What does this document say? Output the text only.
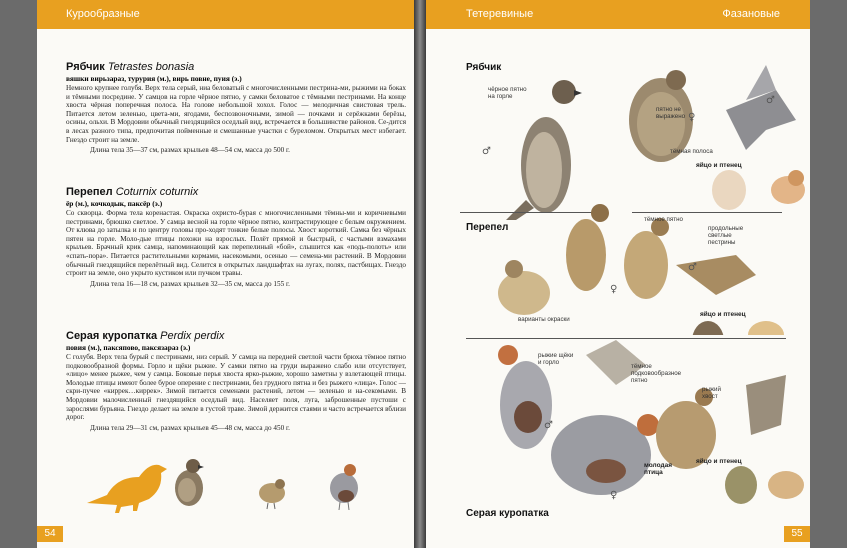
Курообразные
Рябчик Tetrastes bonasia
вяшки вирьзараз, турурия (м.), вирь повне, пуия (э.)

Немного крупнее голубя. Верх тела серый, ниa беловатый с многочисленными пестрина-ми, рыжими на боках и тёмными посредине. У самцов на горле чёрное пятно, у самки беловатое с тёмными пестринами. На конце хвоста чёрная поперечная полоса. На голове небольшой хохол. Голос — мелодичная свистовая трель. Питается летом зеленью, цвета-ми, ягодами, беспозвоночными, зимой — почками и серёжками берёзы, осины, ольхи. В Мордовии обычный гнездящийся оседлый вид, встречается в большинстве районов. Се-дится в лесах разного типа, предпочитая пойменные и смешанные участки с буреломом. Открытых мест избегает. Гнездо строит на земле.

Длина тела 35—37 см, размах крыльев 48—54 см, масса до 500 г.
Перепел Coturnix coturnix
ёр (м.), кочкодык, паксёр (э.)

Со скворца. Форма тела коренастая. Окраска охристо-бурая с многочисленными тёмны-ми и коричневыми пестринами, брюшко светлое. У самца весной на горле чёрное пятно, контрастирующее с белым окружением. От клюва до затылка и по центру головы про-ходят тонкие белые полосы. Хвост короткий. Самка без чёрных пятен на горле. Моло-дые птицы похожи на взрослых. Полёт прямой и быстрый, с частыми взмахами крыльев. Брачный крик самца, напоминающий как перепелиный «бой», слышится как «подь-полоть» или «спать-пора». Питается растительными кормами, насекомыми, осенью — семена-ми растений. В Мордовии обычный гнездящийся перелётный вид. Селится в открытых ландшафтах на лугах, полях, пастбищах. Гнездо строит на земле, оно укрыто кустиком или пучком травы.

Длина тела 16—18 см, размах крыльев 32—35 см, масса до 155 г.
Серая куропатка Perdix perdix
повия (м.), пaксяпово, паксязараз (э.)

С голубя. Верх тела бурый с пестринами, низ серый. У самца на передней светлой части брюха тёмное пятно подковообразной формы. Горло и щёки рыжие. У самки пятно на груди выражено слабо или отсутствует, «лицо» менее рыжее, чем у самца. Боковые перья хвоста ярко-рыжие, хорошо заметны у взлетающей птицы. Молодые птицы имеют более бурое оперение с пестринами, без грудного пятна и без рыжего «лица». Голос — скри-пучее «киррек…киррек». Зимой питается семенами растений, летом — зеленью и на-секомыми. В Мордовии малочисленный гнездящийся оседлый вид. Населяет поля, луга, заброшенные пустоши с зарослями бурьяна. Гнездо делает на земле в густой траве. Зимой держится стаями и часто встречается вблизи дорог.

Длина тела 29—31 см, размах крыльев 45—48 см, масса до 450 г.
54
Тетеревиные	Фазановые
Рябчик
чёрное пятно
на горле
пятно не
выражено
тёмная полоса
яйцо и птенец
♂
♀
♂
Перепел
тёмное пятно
продольные
светлые
пестрины
варианты окраски
яйцо и птенец
♂
♀
рыжие щёки
и горло
тёмное
подковообразное
пятно
рыжий
хвост
молодая
птица
яйцо и птенец
♂
♀
Серая куропатка
55
